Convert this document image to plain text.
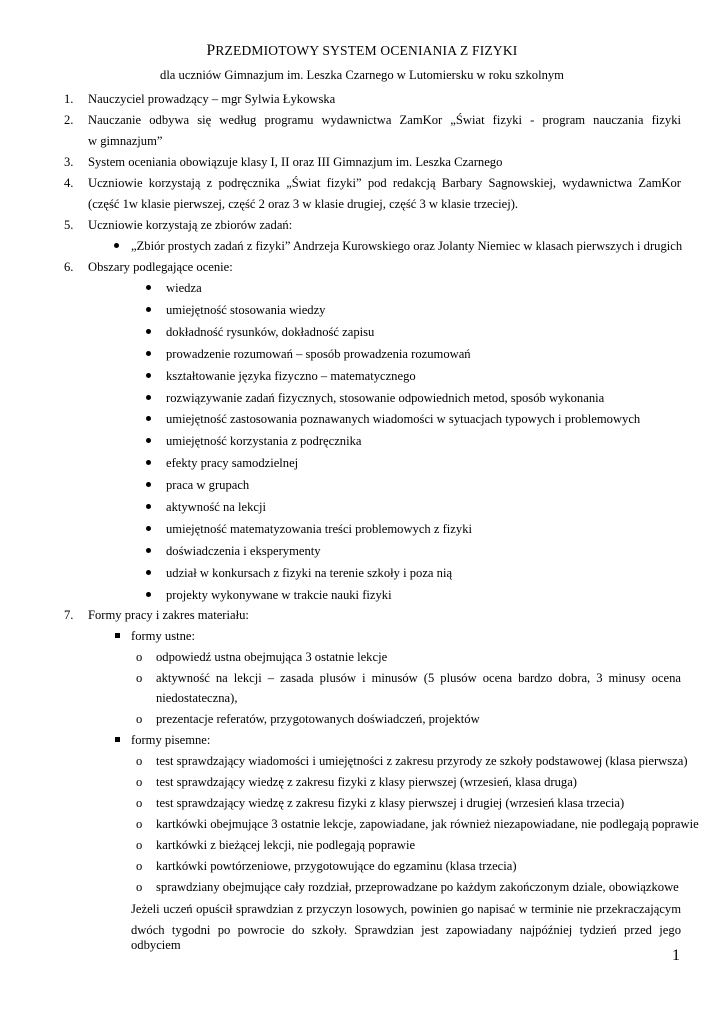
PRZEDMIOTOWY SYSTEM OCENIANIA Z FIZYKI
dla uczniów Gimnazjum im. Leszka Czarnego w Lutomiersku w roku szkolnym
1. Nauczyciel prowadzący – mgr Sylwia Łykowska
2. Nauczanie odbywa się według programu wydawnictwa ZamKor „Świat fizyki - program nauczania fizyki
w gimnazjum”
3. System oceniania obowiązuje klasy I, II oraz III Gimnazjum im. Leszka Czarnego
4. Uczniowie korzystają z podręcznika „Świat fizyki” pod redakcją Barbary Sagnowskiej, wydawnictwa ZamKor
(część 1w klasie pierwszej, część 2 oraz 3 w klasie drugiej, część 3 w klasie trzeciej).
5. Uczniowie korzystają ze zbiorów zadań:
„Zbiór prostych zadań z fizyki” Andrzeja Kurowskiego oraz Jolanty Niemiec w klasach pierwszych i drugich
6. Obszary podlegające ocenie:
wiedza
umiejętność stosowania wiedzy
dokładność rysunków, dokładność zapisu
prowadzenie rozumowań – sposób prowadzenia rozumowań
kształtowanie języka fizyczno – matematycznego
rozwiązywanie zadań fizycznych, stosowanie odpowiednich metod, sposób wykonania
umiejętność zastosowania poznawanych wiadomości w sytuacjach typowych i problemowych
umiejętność korzystania z podręcznika
efekty pracy samodzielnej
praca w grupach
aktywność na lekcji
umiejętność matematyzowania treści problemowych z fizyki
doświadczenia i eksperymenty
udział w konkursach z fizyki na terenie szkoły i poza nią
projekty wykonywane w trakcie nauki fizyki
7. Formy pracy i zakres materiału:
formy ustne:
o odpowiedź ustna obejmująca 3 ostatnie lekcje
o aktywność na lekcji – zasada plusów i minusów (5 plusów ocena bardzo dobra, 3 minusy ocena
niedostateczna),
o prezentacje referatów, przygotowanych doświadczeń, projektów
formy pisemne:
o test sprawdzający wiadomości i umiejętności z zakresu przyrody ze szkoły podstawowej (klasa pierwsza)
o test sprawdzający wiedzę z zakresu fizyki z klasy pierwszej (wrzesień, klasa druga)
o test sprawdzający wiedzę z zakresu fizyki z klasy pierwszej i drugiej (wrzesień klasa trzecia)
o kartkówki obejmujące 3 ostatnie lekcje, zapowiadane, jak również niezapowiadane, nie podlegają poprawie
o kartkówki z bieżącej lekcji, nie podlegają poprawie
o kartkówki powtórzeniowe, przygotowujące do egzaminu (klasa trzecia)
o sprawdziany obejmujące cały rozdział, przeprowadzane po każdym zakończonym dziale, obowiązkowe
Jeżeli uczeń opuścił sprawdzian z przyczyn losowych, powinien go napisać w terminie nie przekraczającym
dwóch tygodni po powrocie do szkoły. Sprawdzian jest zapowiadany najpóźniej tydzień przed jego odbyciem
1
